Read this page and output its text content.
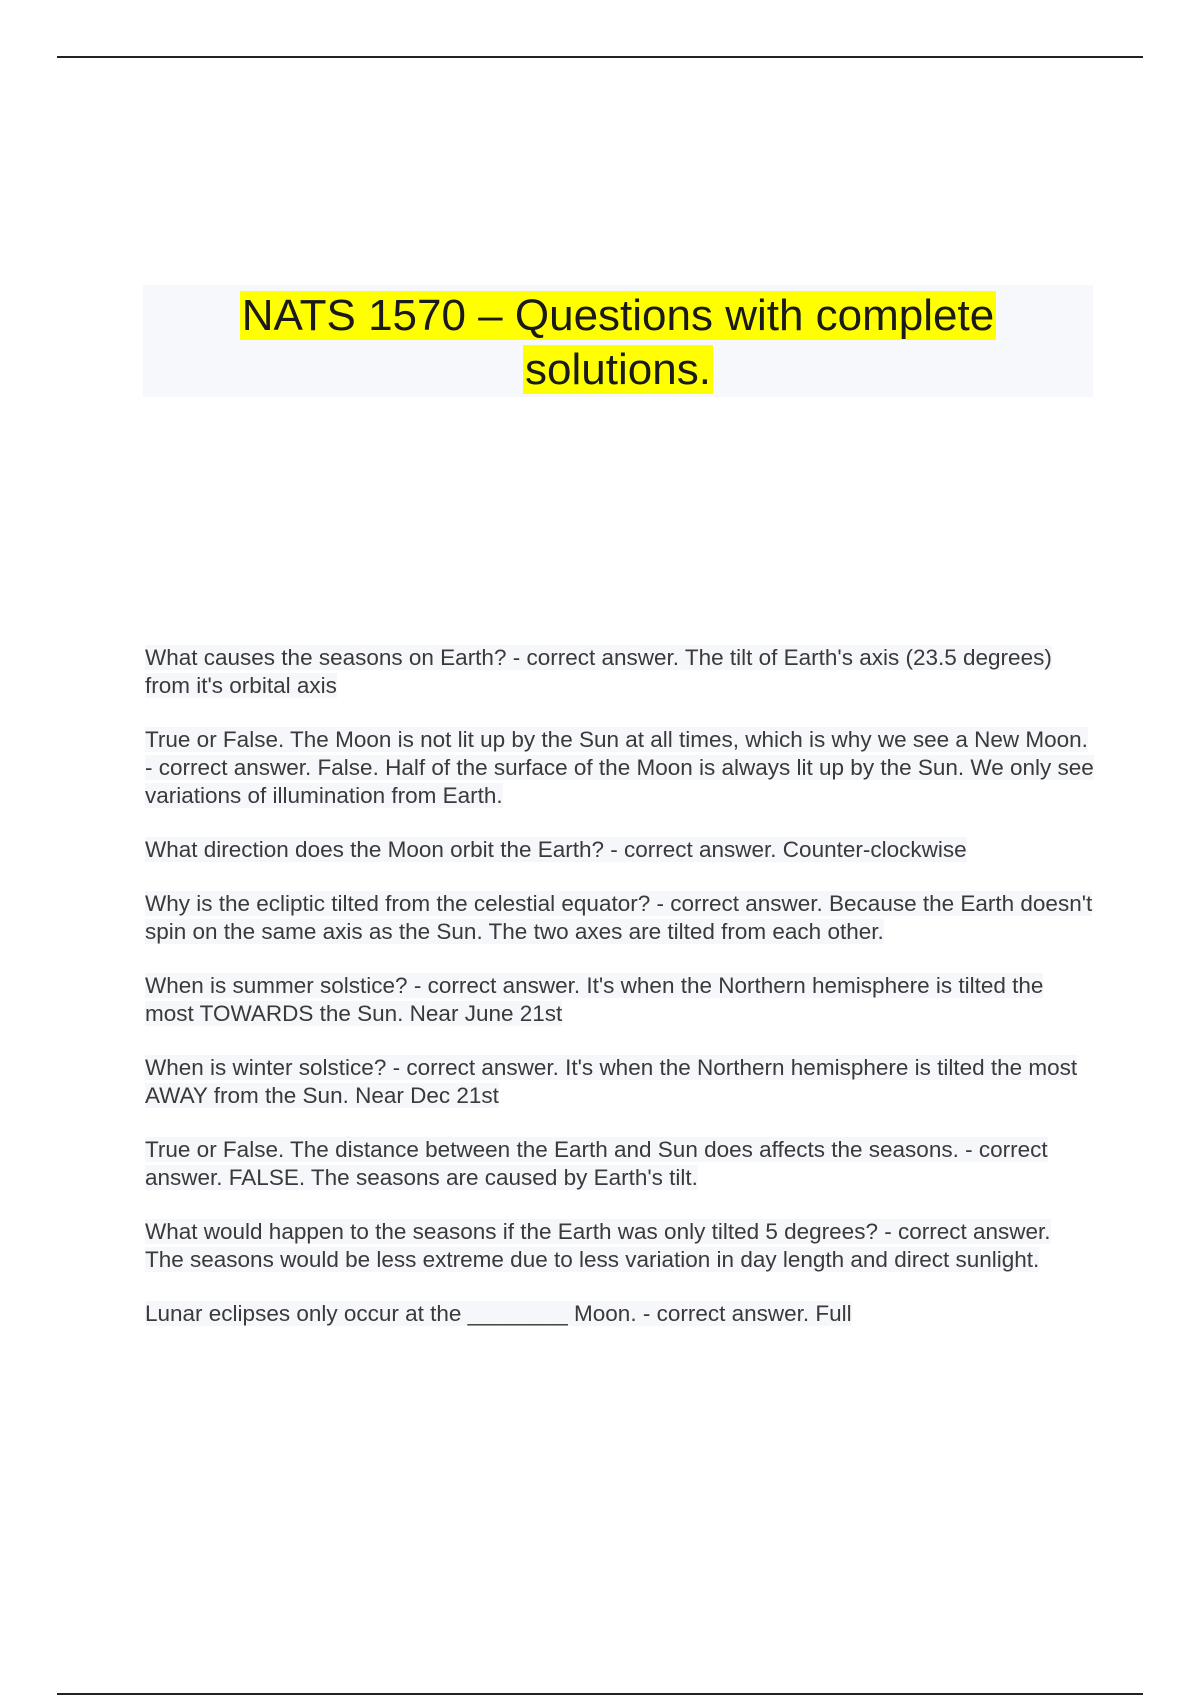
NATS 1570 – Questions with complete solutions.
What causes the seasons on Earth? - correct answer. The tilt of Earth's axis (23.5 degrees) from it's orbital axis
True or False. The Moon is not lit up by the Sun at all times, which is why we see a New Moon. - correct answer. False. Half of the surface of the Moon is always lit up by the Sun. We only see variations of illumination from Earth.
What direction does the Moon orbit the Earth? - correct answer. Counter-clockwise
Why is the ecliptic tilted from the celestial equator? - correct answer. Because the Earth doesn't spin on the same axis as the Sun. The two axes are tilted from each other.
When is summer solstice? - correct answer. It's when the Northern hemisphere is tilted the most TOWARDS the Sun. Near June 21st
When is winter solstice? - correct answer. It's when the Northern hemisphere is tilted the most AWAY from the Sun. Near Dec 21st
True or False. The distance between the Earth and Sun does affects the seasons. - correct answer. FALSE. The seasons are caused by Earth's tilt.
What would happen to the seasons if the Earth was only tilted 5 degrees? - correct answer. The seasons would be less extreme due to less variation in day length and direct sunlight.
Lunar eclipses only occur at the ________ Moon. - correct answer. Full
